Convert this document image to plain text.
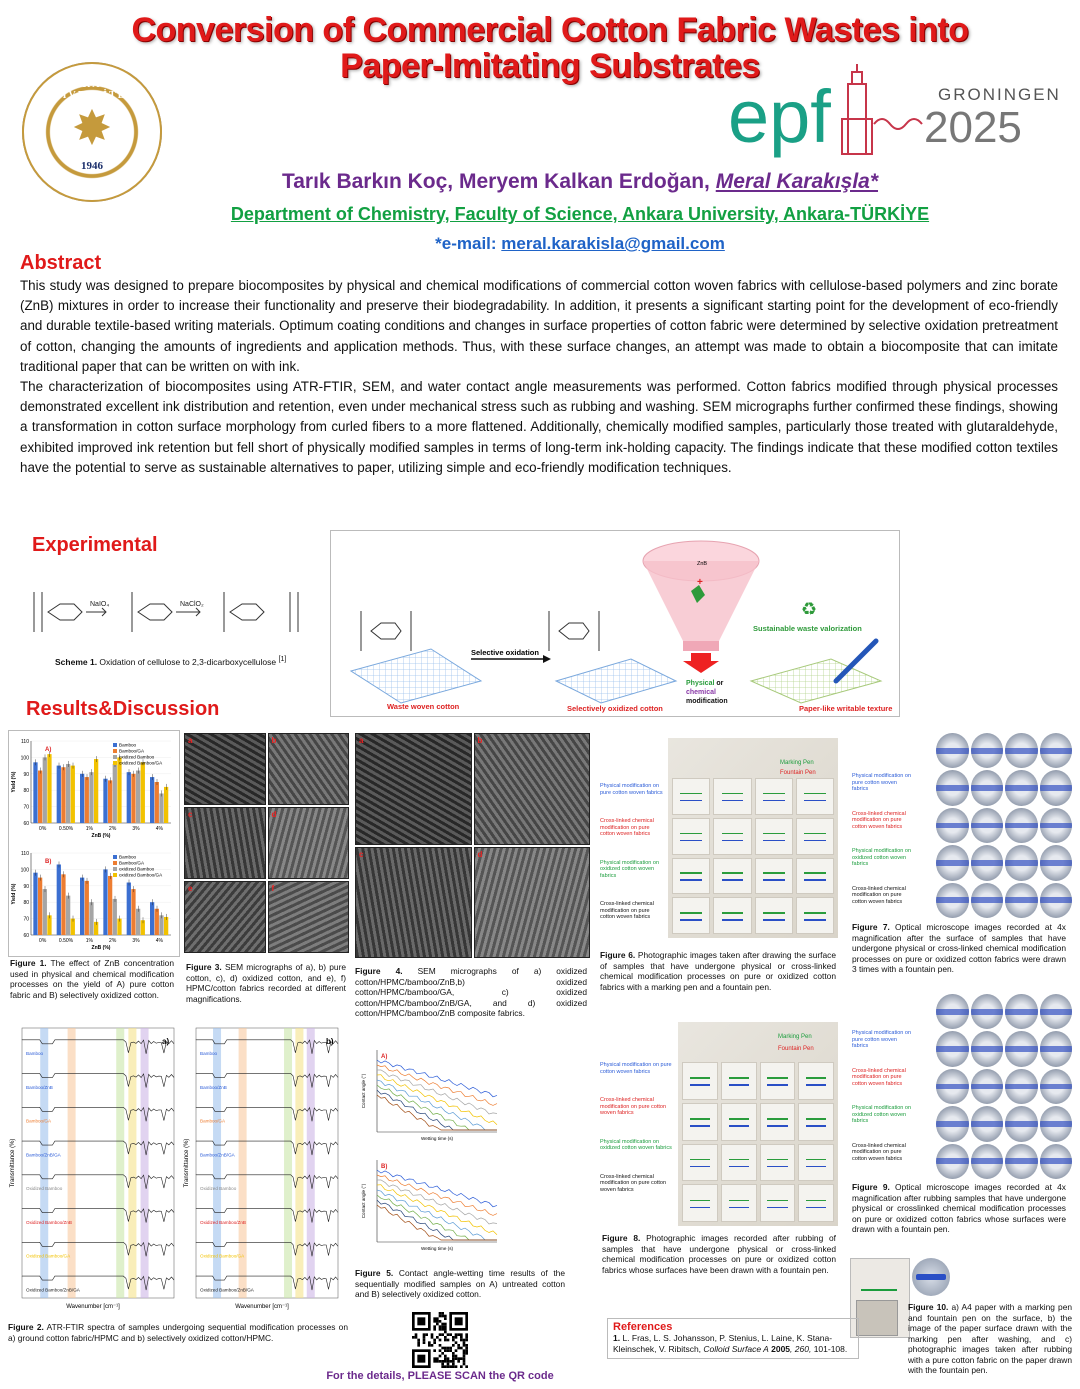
Conversion of Commercial Cotton Fabric Wastes into Paper-Imitating Substrates
ANKARA ÜNİVERSİTESİ
✸
1946
epf	GRONINGEN
2025
Tarık Barkın Koç, Meryem Kalkan Erdoğan, Meral Karakışla*
Department of Chemistry, Faculty of Science, Ankara University, Ankara-TÜRKİYE
*e-mail: meral.karakisla@gmail.com
Abstract

This study was designed to prepare biocomposites by physical and chemical modifications of commercial cotton woven fabrics with cellulose-based polymers and zinc borate (ZnB) mixtures in order to increase their functionality and preserve their biodegradability. In addition, it presents a significant starting point for the development of eco-friendly and durable textile-based writing materials. Optimum coating conditions and changes in surface properties of cotton fabric were determined by selective oxidation pretreatment of cotton, changing the amounts of ingredients and application methods. Thus, with these surface changes, an attempt was made to obtain a biocomposite that can imitate traditional paper that can be written on with ink.

The characterization of biocomposites using ATR-FTIR, SEM, and water contact angle measurements was performed. Cotton fabrics modified through physical processes demonstrated excellent ink distribution and retention, even under mechanical stress such as rubbing and washing. SEM micrographs further confirmed these findings, showing a transformation in cotton surface morphology from curled fibers to a more flattened. Additionally, chemically modified samples, particularly those treated with glutaraldehyde, exhibited improved ink retention but fell short of physically modified samples in terms of long-term ink-holding capacity. The findings indicate that these modified cotton textiles have the potential to serve as sustainable alternatives to paper, utilizing simple and eco-friendly modification techniques.

Experimental
NaIO₄	NaClO₂
Scheme 1. Oxidation of cellulose to 2,3-dicarboxycellulose [1]
Selective oxidation
ZnB
+
Physical or
chemical
modification
♻
Sustainable waste valorization
Waste woven cotton	Selectively oxidized cotton	Paper-like writable texture
Results&Discussion
60
70
80
90
100
110
0%	0.50%	1%	2%	3%	4%
ZnB (%)
Yield (%)
A)
Bamboo
Bamboo/GA
oxidized Bamboo
oxidized Bamboo/GA
60
70
80
90
100
110
0%	0.50%	1%	2%	3%	4%
ZnB (%)
Yield (%)
B)
Bamboo
Bamboo/GA
oxidized Bamboo
oxidized Bamboo/GA
Figure 1. The effect of ZnB concentration used in physical and chemical modification processes on the yield of A) pure cotton fabric and B) selectively oxidized cotton.
a	b
c	d
e	f
Figure 3. SEM micrographs of a), b) pure cotton, c), d) oxidized cotton, and e), f) HPMC/cotton fabrics recorded at different magnifications.
a	b
c	d
Figure 4. SEM micrographs of a) oxidized cotton/HPMC/bamboo/ZnB,b) oxidized cotton/HPMC/bamboo/GA, c) oxidized cotton/HPMC/bamboo/ZnB/GA, and d) oxidized cotton/HPMC/bamboo/ZnB composite fabrics.
Marking Pen
Fountain Pen
Physical modification on pure cotton woven fabrics
Cross-linked chemical modification on pure cotton woven fabrics
Physical modification on oxidized cotton woven fabrics
Cross-linked chemical modification on pure cotton woven fabrics
Figure 6. Photographic images taken after drawing the surface of samples that have undergone physical or cross-linked chemical modification processes on pure or oxidized cotton fabrics with a marking pen and a fountain pen.
Physical modification on pure cotton woven fabrics
Cross-linked chemical modification on pure cotton woven fabrics
Physical modification on oxidized cotton woven fabrics
Cross-linked chemical modification on pure cotton woven fabrics
Figure 7. Optical microscope images recorded at 4x magnification after the surface of samples that have undergone physical or cross-linked chemical modification processes on pure or oxidized cotton fabrics were drawn 3 times with a fountain pen.
Bamboo
Bamboo/ZnB
Bamboo/GA
Bamboo/ZnB/GA
Oxidized Bamboo
Oxidized Bamboo/ZnB
Oxidized Bamboo/GA
Oxidized Bamboo/ZnB/GA
a)
Wavenumber [cm⁻¹]
Transmittance (%)
Bamboo
Bamboo/ZnB
Bamboo/GA
Bamboo/ZnB/GA
Oxidized Bamboo
Oxidized Bamboo/ZnB
Oxidized Bamboo/GA
Oxidized Bamboo/ZnB/GA
b)
Wavenumber [cm⁻¹]
Transmittance (%)
Figure 2. ATR-FTIR spectra of samples undergoing sequential modification processes on a) ground cotton fabric/HPMC and b) selectively oxidized cotton/HPMC.
A)
Wetting time (s)
Contact angle (°)
B)
Wetting time (s)
Contact angle (°)
Figure 5. Contact angle-wetting time results of the sequentially modified samples on A) untreated cotton and B) selectively oxidized cotton.
Marking Pen
Fountain Pen
Physical modification on pure cotton woven fabrics
Cross-linked chemical modification on pure cotton woven fabrics
Physical modification on oxidized cotton woven fabrics
Cross-linked chemical modification on pure cotton woven fabrics
Figure 8. Photographic images recorded after rubbing of samples that have undergone physical or cross-linked chemical modification processes on pure or oxidized cotton fabrics whose surfaces have been drawn with a fountain pen.
Physical modification on pure cotton woven fabrics
Cross-linked chemical modification on pure cotton woven fabrics
Physical modification on oxidized cotton woven fabrics
Cross-linked chemical modification on pure cotton woven fabrics
Figure 9. Optical microscope images recorded at 4x magnification after rubbing samples that have undergone physical or crosslinked chemical modification processes on pure or oxidized cotton fabrics whose surfaces were drawn with a fountain pen.
Figure 10. a) A4 paper with a marking pen and fountain pen on the surface, b) the image of the paper surface drawn with the marking pen after washing, and c) photographic images taken after rubbing with a pure cotton fabric on the paper drawn with the fountain pen.
References
1. L. Fras, L. S. Johansson, P. Stenius, L. Laine, K. Stana-Kleinschek, V. Ribitsch, Colloid Surface A 2005, 260, 101-108.
For the details, PLEASE SCAN the QR code
